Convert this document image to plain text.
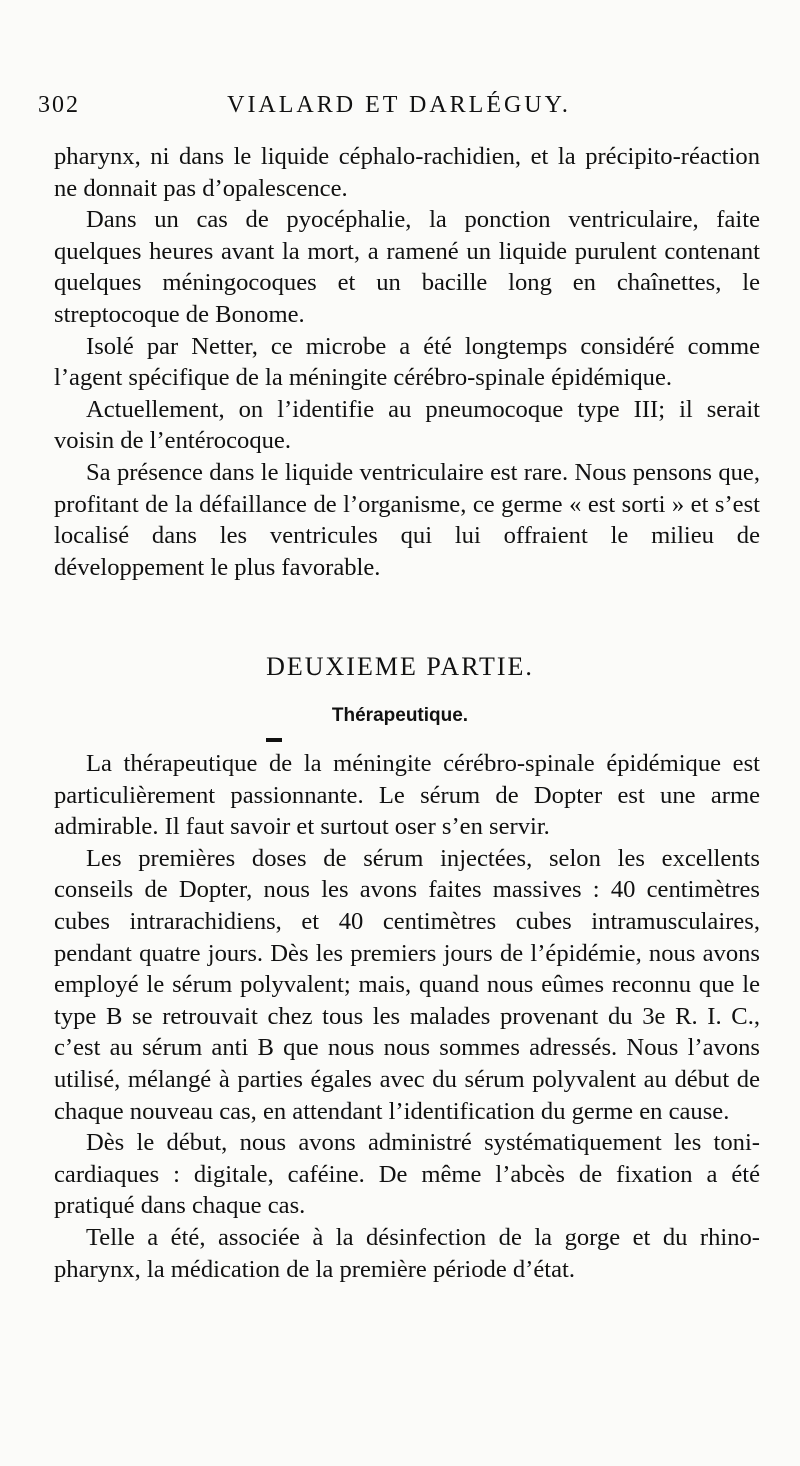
302	VIALARD ET DARLÉGUY.

pharynx, ni dans le liquide céphalo-rachidien, et la précipito-réaction ne donnait pas d’opalescence.

Dans un cas de pyocéphalie, la ponction ventriculaire, faite quelques heures avant la mort, a ramené un liquide purulent contenant quelques méningocoques et un bacille long en chaînettes, le streptocoque de Bonome.

Isolé par Netter, ce microbe a été longtemps considéré comme l’agent spécifique de la méningite cérébro-spinale épidémique.

Actuellement, on l’identifie au pneumocoque type III; il serait voisin de l’entérocoque.

Sa présence dans le liquide ventriculaire est rare. Nous pensons que, profitant de la défaillance de l’organisme, ce germe « est sorti » et s’est localisé dans les ventricules qui lui offraient le milieu de développement le plus favorable.

DEUXIEME PARTIE.
Thérapeutique.

La thérapeutique de la méningite cérébro-spinale épidémique est particulièrement passionnante. Le sérum de Dopter est une arme admirable. Il faut savoir et surtout oser s’en servir.

Les premières doses de sérum injectées, selon les excellents conseils de Dopter, nous les avons faites massives : 40 centimètres cubes intrarachidiens, et 40 centimètres cubes intramusculaires, pendant quatre jours. Dès les premiers jours de l’épidémie, nous avons employé le sérum polyvalent; mais, quand nous eûmes reconnu que le type B se retrouvait chez tous les malades provenant du 3e R. I. C., c’est au sérum anti B que nous nous sommes adressés. Nous l’avons utilisé, mélangé à parties égales avec du sérum polyvalent au début de chaque nouveau cas, en attendant l’identification du germe en cause.

Dès le début, nous avons administré systématiquement les toni-cardiaques : digitale, caféine. De même l’abcès de fixation a été pratiqué dans chaque cas.

Telle a été, associée à la désinfection de la gorge et du rhino-pharynx, la médication de la première période d’état.
